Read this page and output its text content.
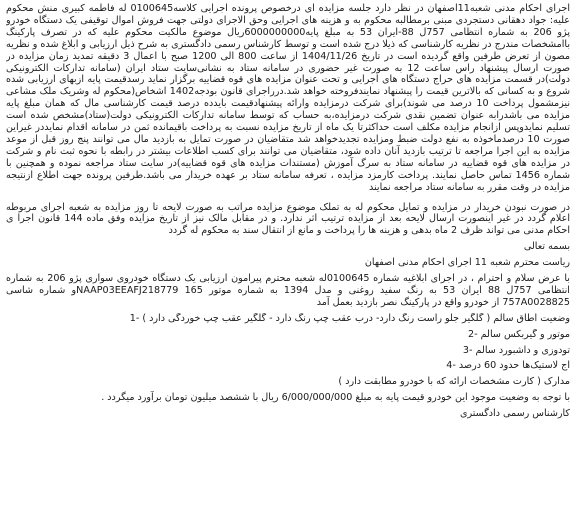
اجرای احکام مدنی شعبه11اصفهان در نظر دارد جلسه مزایده ای درخصوص پرونده اجرایی کلاسه0100645 له فاطمه کبیری منش محکوم علیه: جواد دهقانی دستجردی مبنی برمطالبه محکوم به و هزینه های اجرایی وحق الاجرای دولتی جهت فروش اموال توقیفی یک دستگاه خودرو پژو 206 به شماره انتظامی 757ل 88-ایران 53 به مبلغ پایه6000000000ریال موضوع مالکیت محکوم علیه که در تصرف پارکینگ باامشخصات مندرج در نظریه کارشناسی که ذیلا درج شده است و توسط کارشناس رسمی دادگستری به شرح ذیل ارزیابی و ابلاغ شده و نظریه مصون از تعرض طرفین واقع گردیده است در تاریخ 1404/11/26 از ساعت 800 الی 1200 صبح با اعمال 3 دقیقه تمدید زمان مزایده در صورت ارسال پیشنهاد راس ساعت 12 به صورت غیر حضوری در سامانه ستاد به نشانی‌سایت ستاد ایران (سامانه تدارکات الکترونیکی دولت)در قسمت مزایده های حراج دستگاه های اجرایی و تحت عنوان مزایده های قوه قضاییه برگزار نماید رسدقیمت پایه ازبهای ارزیابی شده شروع و به کسانی که بالاترین قیمت را پیشنهاد نمایندفروخته خواهد شد.درراجرای قانون بودجه1402 اشخاص(محکوم له وشریک ملک مشاعی نیزمشمول پرداخت 10 درصد می شوند)برای شرکت درمزایده وارائه پیشنهادقیمت بایدده درصد قیمت کارشناسی مال که همان مبلغ پایه مزایده می باشدرابه عنوان تضمین نقدی شرکت درمزایده،به حساب که توسط سامانه تدارکات الکترونیکی دولت(ستاد)مشخص شده است تسلیم نمایدوپس ازانجام مزایده مکلف است حداکثرتا یک ماه از تاریخ مزایده نسبت به پرداخت باقیمانده ثمن در سامانه اقدام نمایددر غیراین صورت 10 درصدماخوذه به نفع دولت ضبط ومزایده تجدیدخواهد شد متقاضیان در صورت تمایل به بازدید مال می توانند پنج روز قبل از موعد مزایده به این اجرا مراجعه تا ترتیب بازدید آنان داده شود، متقاضیان می توانند برای کسب اطلاعات بیشتر در رابطه با نحوه ثبت نام و شرکت در مزایده های قوه قضاییه در سامانه ستاد به سرگ آموزش (مستندات مزایده های قوه قضاییه)در سایت ستاد مراجعه نموده و همچنین با شماره 1456 تماس حاصل نمایند. پرداخت کارمزد مزایده ، تعرفه سامانه ستاد بر عهده خریدار می باشد.طرفین پرونده جهت اطلاع ازنتیجه مزایده در وقت مقرر به سامانه ستاد مراجعه نمایند

در صورت نبودن خریدار در مزایده و تمایل محکوم له به تملک موضوع مزایده مراتب به صورت لایحه تا روز مزایده به شعبه اجرای مربوطه اعلام گردد در غیر اینصورت ارسال لایحه بعد از مزایده ترتیب اثر ندارد. و در مقابل مالک نیز از تاریخ مزایده وفق ماده 144 قانون اجرا ی احکام مدنی می تواند ظرف 2 ماه بدهی و هزینه ها را پرداخت و مانع از انتقال سند به محکوم له گردد

بسمه تعالی

ریاست محترم شعبه 11 اجرای احکام مدنی اصفهان

با عرض سلام و احترام ، در اجرای ابلاغیه شماره 0100645له شعبه محترم پیرامون ارزیابی یک دستگاه خودروی سواری پژو 206 به شماره انتظامی 757ل 88 ایران 53 به رنگ سفید روغنی و مدل 1394 به شماره موتور 165 NAAP03EEAFJ218779و شماره شاسی 757A0028825 از خودرو واقع در پارکینگ نصر بازدید بعمل آمد

وضعیت اطاق سالم ( گلگیر جلو راست رنگ دارد- درب عقب چپ رنگ دارد - گلگیر عقب چپ خوردگی دارد ) -1

موتور و گیربکس سالم -2

تودوزی و داشبورد سالم -3

آج لاستیک‌ها حدود 60 درصد -4

مدارک ( کارت مشخصات ارائه که با خودرو مطابقت دارد )

با توجه به وضعیت موجود این خودرو قیمت پایه به مبلغ 6/000/000/000 ریال با ششصد میلیون تومان برآورد میگردد .

کارشناس رسمی دادگستری
